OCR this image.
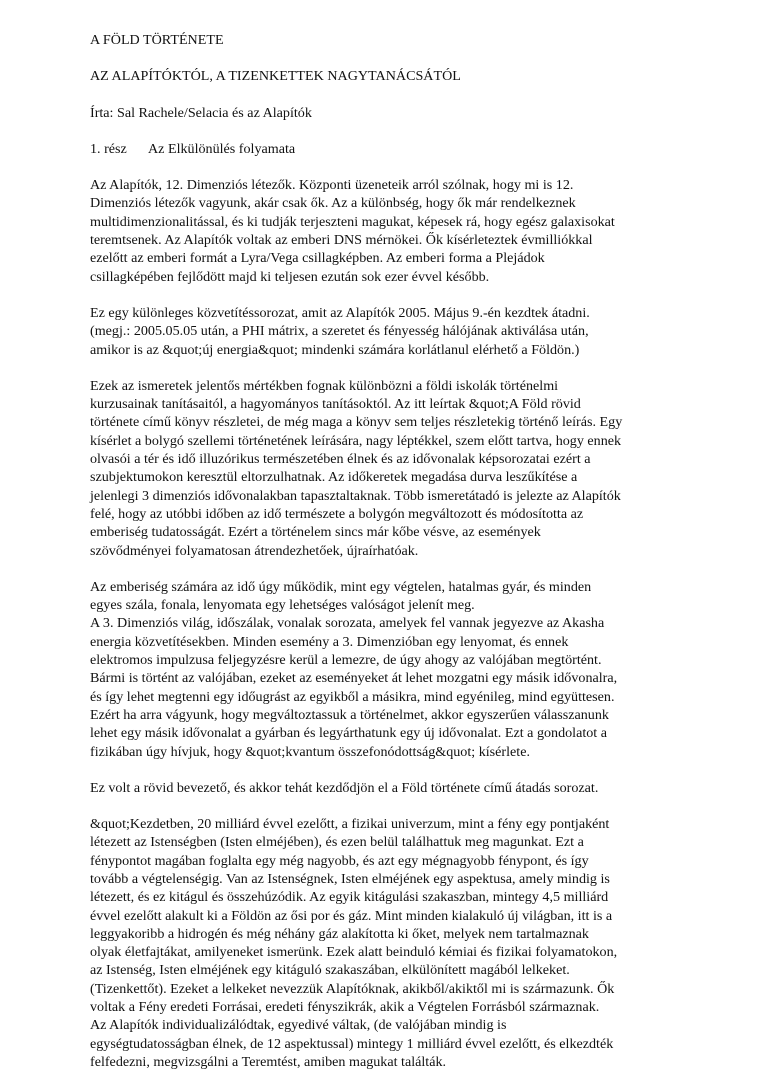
A FÖLD TÖRTÉNETE

AZ ALAPÍTÓKTÓL, A TIZENKETTEK NAGYTANÁCSÁTÓL

Írta: Sal Rachele/Selacia és az Alapítók

1. rész Az Elkülönülés folyamata

Az Alapítók, 12. Dimenziós létezők. Központi üzeneteik arról szólnak, hogy mi is 12.
Dimenziós létezők vagyunk, akár csak ők. Az a különbség, hogy ők már rendelkeznek
multidimenzionalitással, és ki tudják terjeszteni magukat, képesek rá, hogy egész galaxisokat
teremtsenek. Az Alapítók voltak az emberi DNS mérnökei. Ők kísérleteztek évmilliókkal
ezelőtt az emberi formát a Lyra/Vega csillagképben. Az emberi forma a Plejádok
csillagképében fejlődött majd ki teljesen ezután sok ezer évvel később.
Ez egy különleges közvetítéssorozat, amit az Alapítók 2005. Május 9.-én kezdtek átadni.
(megj.: 2005.05.05 után, a PHI mátrix, a szeretet és fényesség hálójának aktiválása után,
amikor is az &quot;új energia&quot; mindenki számára korlátlanul elérhető a Földön.)
Ezek az ismeretek jelentős mértékben fognak különbözni a földi iskolák történelmi
kurzusainak tanításaitól, a hagyományos tanításoktól. Az itt leírtak &quot;A Föld rövid
története című könyv részletei, de még maga a könyv sem teljes részletekig történő leírás. Egy
kísérlet a bolygó szellemi történetének leírására, nagy léptékkel, szem előtt tartva, hogy ennek
olvasói a tér és idő illuzórikus természetében élnek és az idővonalak képsorozatai ezért a
szubjektumokon keresztül eltorzulhatnak. Az időkeretek megadása durva leszűkítése a
jelenlegi 3 dimenziós idővonalakban tapasztaltaknak. Több ismeretátadó is jelezte az Alapítók
felé, hogy az utóbbi időben az idő természete a bolygón megváltozott és módosította az
emberiség tudatosságát. Ezért a történelem sincs már kőbe vésve, az események
szövődményei folyamatosan átrendezhetőek, újraírhatóak.
Az emberiség számára az idő úgy működik, mint egy végtelen, hatalmas gyár, és minden
egyes szála, fonala, lenyomata egy lehetséges valóságot jelenít meg.
A 3. Dimenziós világ, időszálak, vonalak sorozata, amelyek fel vannak jegyezve az Akasha
energia közvetítésekben. Minden esemény a 3. Dimenzióban egy lenyomat, és ennek
elektromos impulzusa feljegyzésre kerül a lemezre, de úgy ahogy az valójában megtörtént.
Bármi is történt az valójában, ezeket az eseményeket át lehet mozgatni egy másik idővonalra,
és így lehet megtenni egy időugrást az egyikből a másikra, mind egyénileg, mind együttesen.
Ezért ha arra vágyunk, hogy megváltoztassuk a történelmet, akkor egyszerűen válasszanunk
lehet egy másik idővonalat a gyárban és legyárthatunk egy új idővonalat. Ezt a gondolatot a
fizikában úgy hívjuk, hogy &quot;kvantum összefonódottság&quot; kísérlete.
Ez volt a rövid bevezető, és akkor tehát kezdődjön el a Föld története című átadás sorozat.
&quot;Kezdetben, 20 milliárd évvel ezelőtt, a fizikai univerzum, mint a fény egy pontjaként
létezett az Istenségben (Isten elméjében), és ezen belül találhattuk meg magunkat. Ezt a
fénypontot magában foglalta egy még nagyobb, és azt egy mégnagyobb fénypont, és így
tovább a végtelenségig. Van az Istenségnek, Isten elméjének egy aspektusa, amely mindig is
létezett, és ez kitágul és összehúzódik. Az egyik kitágulási szakaszban, mintegy 4,5 milliárd
évvel ezelőtt alakult ki a Földön az ősi por és gáz. Mint minden kialakuló új világban, itt is a
leggyakoribb a hidrogén és még néhány gáz alakította ki őket, melyek nem tartalmaznak
olyak életfajtákat, amilyeneket ismerünk. Ezek alatt beinduló kémiai és fizikai folyamatokon,
az Istenség, Isten elméjének egy kitáguló szakaszában, elkülönített magából lelkeket.
(Tizenkettőt). Ezeket a lelkeket nevezzük Alapítóknak, akikből/akiktől mi is származunk. Ők
voltak a Fény eredeti Forrásai, eredeti fényszikrák, akik a Végtelen Forrásból származnak.
Az Alapítók individualizálódtak, egyedivé váltak, (de valójában mindig is
egységtudatosságban élnek, de 12 aspektussal) mintegy 1 milliárd évvel ezelőtt, és elkezdték
felfedezni, megvizsgálni a Teremtést, amiben magukat találták.
